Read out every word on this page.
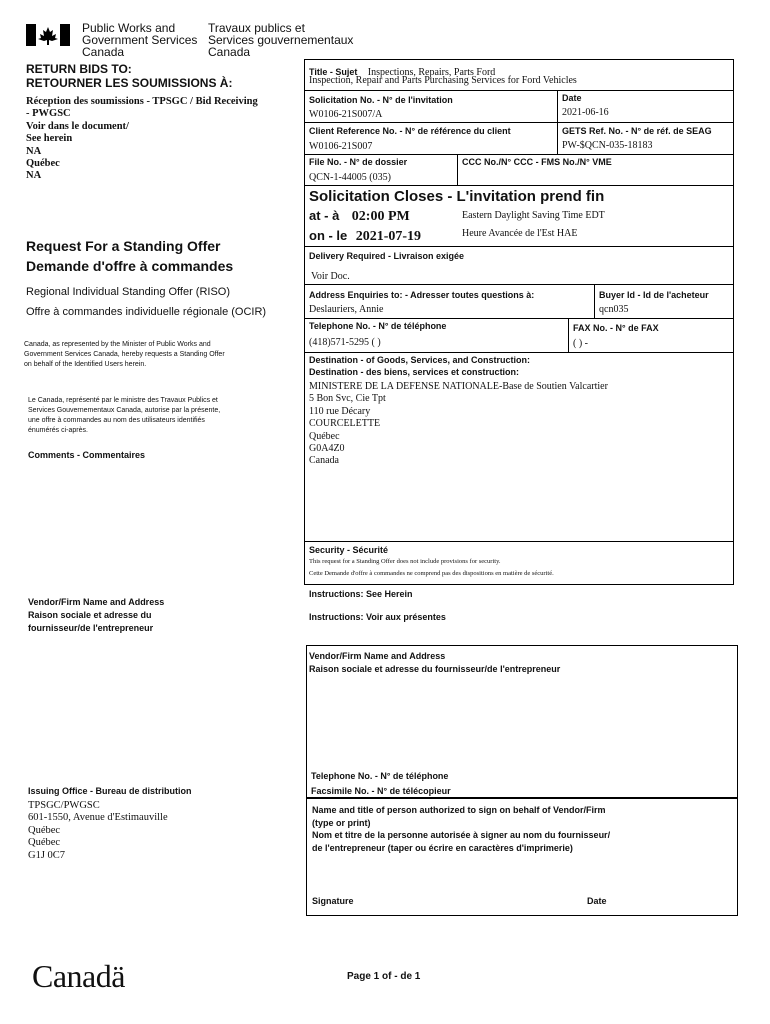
Public Works and
Government Services
Canada
Travaux publics et
Services gouvernementaux
Canada
RETURN BIDS TO:
RETOURNER LES SOUMISSIONS À:
Réception des soumissions - TPSGC / Bid Receiving
- PWGSC
Voir dans le document/
See herein
NA
Québec
NA
Request For a Standing Offer
Demande d'offre à commandes
Regional Individual Standing Offer (RISO)
Offre à commandes individuelle régionale (OCIR)
Canada, as represented by the Minister of Public Works and
Government Services Canada, hereby requests a Standing Offer
on behalf of the Identified Users herein.
Le Canada, représenté par le ministre des Travaux Publics et
Services Gouvernementaux Canada, autorise par la présente,
une offre à commandes au nom des utilisateurs identifiés
énumérés ci-après.
Comments - Commentaires
Vendor/Firm Name and Address
Raison sociale et adresse du
fournisseur/de l'entrepreneur
Issuing Office - Bureau de distribution
TPSGC/PWGSC
601-1550, Avenue d'Estimauville
Québec
Québec
G1J 0C7
Title - Sujet Inspections, Repairs, Parts Ford
Inspection, Repair and Parts Purchasing Services for Ford Vehicles
Solicitation No. - N° de l'invitation
W0106-21S007/A
Date
2021-06-16
Client Reference No. - N° de référence du client
W0106-21S007
GETS Ref. No. - N° de réf. de SEAG
PW-$QCN-035-18183
File No. - N° de dossier
QCN-1-44005 (035)
CCC No./N° CCC - FMS No./N° VME
Solicitation Closes - L'invitation prend fin
at - à 02:00 PM
on - le 2021-07-19
Eastern Daylight Saving Time EDT
Heure Avancée de l'Est HAE
Delivery Required - Livraison exigée
Voir Doc.
Address Enquiries to: - Adresser toutes questions à:
Deslauriers, Annie
Buyer Id - Id de l'acheteur
qcn035
Telephone No. - N° de téléphone
(418)571-5295 ( )
FAX No. - N° de FAX
( ) -
Destination - of Goods, Services, and Construction:
Destination - des biens, services et construction:
MINISTERE DE LA DEFENSE NATIONALE-Base de Soutien Valcartier
5 Bon Svc, Cie Tpt
110 rue Décary
COURCELETTE
Québec
G0A4Z0
Canada
Security - Sécurité
This request for a Standing Offer does not include provisions for security.
Cette Demande d'offre à commandes ne comprend pas des dispositions en matière de sécurité.
Instructions: See Herein
Instructions: Voir aux présentes
Vendor/Firm Name and Address
Raison sociale et adresse du fournisseur/de l'entrepreneur
Telephone No. - N° de téléphone
Facsimile No. - N° de télécopieur
Name and title of person authorized to sign on behalf of Vendor/Firm
(type or print)
Nom et titre de la personne autorisée à signer au nom du fournisseur/
de l'entrepreneur (taper ou écrire en caractères d'imprimerie)
Signature	Date
Canadä	Page 1 of - de 1
